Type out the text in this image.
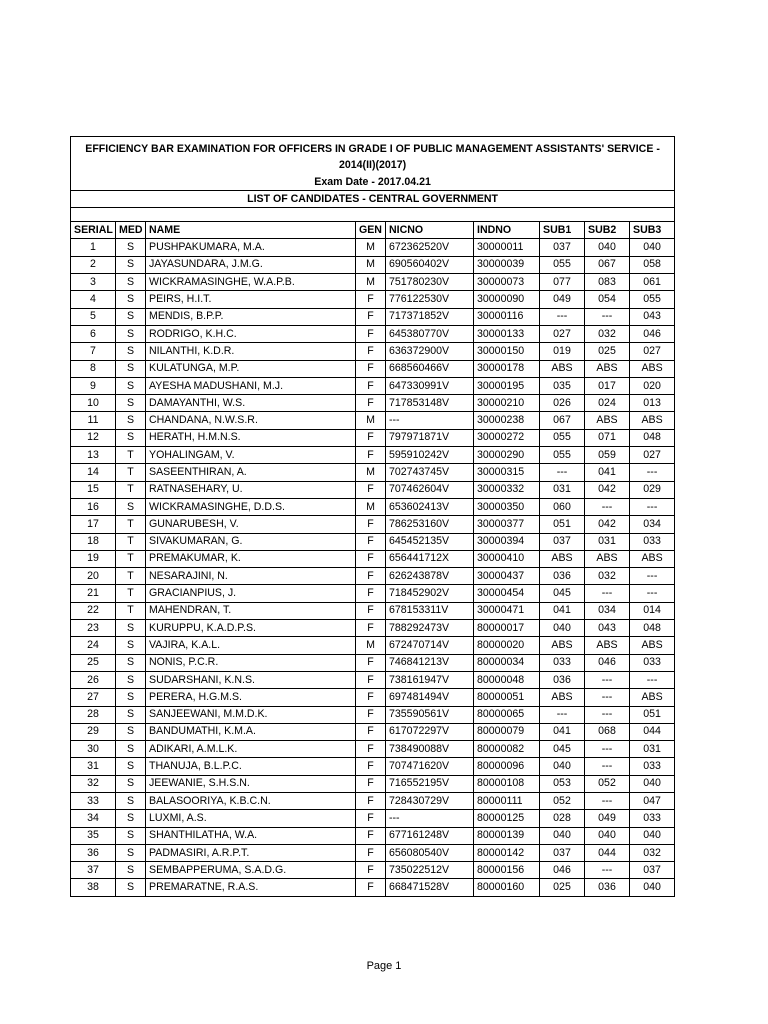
EFFICIENCY BAR EXAMINATION FOR OFFICERS IN GRADE I OF PUBLIC MANAGEMENT ASSISTANTS' SERVICE -								
2014(II)(2017)								
Exam Date - 2017.04.21								
LIST OF CANDIDATES - CENTRAL GOVERNMENT								

SERIAL	MED	NAME	GEN	NICNO	INDNO	SUB1	SUB2	SUB3
1	S	PUSHPAKUMARA, M.A.	M	672362520V	30000011	037	040	040
2	S	JAYASUNDARA, J.M.G.	M	690560402V	30000039	055	067	058
3	S	WICKRAMASINGHE, W.A.P.B.	M	751780230V	30000073	077	083	061
4	S	PEIRS, H.I.T.	F	776122530V	30000090	049	054	055
5	S	MENDIS, B.P.P.	F	717371852V	30000116	---	---	043
6	S	RODRIGO, K.H.C.	F	645380770V	30000133	027	032	046
7	S	NILANTHI, K.D.R.	F	636372900V	30000150	019	025	027
8	S	KULATUNGA, M.P.	F	668560466V	30000178	ABS	ABS	ABS
9	S	AYESHA MADUSHANI, M.J.	F	647330991V	30000195	035	017	020
10	S	DAMAYANTHI, W.S.	F	717853148V	30000210	026	024	013
11	S	CHANDANA, N.W.S.R.	M	---	30000238	067	ABS	ABS
12	S	HERATH, H.M.N.S.	F	797971871V	30000272	055	071	048
13	T	YOHALINGAM, V.	F	595910242V	30000290	055	059	027
14	T	SASEENTHIRAN, A.	M	702743745V	30000315	---	041	---
15	T	RATNASEHARY, U.	F	707462604V	30000332	031	042	029
16	S	WICKRAMASINGHE, D.D.S.	M	653602413V	30000350	060	---	---
17	T	GUNARUBESH, V.	F	786253160V	30000377	051	042	034
18	T	SIVAKUMARAN, G.	F	645452135V	30000394	037	031	033
19	T	PREMAKUMAR, K.	F	656441712X	30000410	ABS	ABS	ABS
20	T	NESARAJINI, N.	F	626243878V	30000437	036	032	---
21	T	GRACIANPIUS, J.	F	718452902V	30000454	045	---	---
22	T	MAHENDRAN, T.	F	678153311V	30000471	041	034	014
23	S	KURUPPU, K.A.D.P.S.	F	788292473V	80000017	040	043	048
24	S	VAJIRA, K.A.L.	M	672470714V	80000020	ABS	ABS	ABS
25	S	NONIS, P.C.R.	F	746841213V	80000034	033	046	033
26	S	SUDARSHANI, K.N.S.	F	738161947V	80000048	036	---	---
27	S	PERERA, H.G.M.S.	F	697481494V	80000051	ABS	---	ABS
28	S	SANJEEWANI, M.M.D.K.	F	735590561V	80000065	---	---	051
29	S	BANDUMATHI, K.M.A.	F	617072297V	80000079	041	068	044
30	S	ADIKARI, A.M.L.K.	F	738490088V	80000082	045	---	031
31	S	THANUJA, B.L.P.C.	F	707471620V	80000096	040	---	033
32	S	JEEWANIE, S.H.S.N.	F	716552195V	80000108	053	052	040
33	S	BALASOORIYA, K.B.C.N.	F	728430729V	80000111	052	---	047
34	S	LUXMI, A.S.	F	---	80000125	028	049	033
35	S	SHANTHILATHA, W.A.	F	677161248V	80000139	040	040	040
36	S	PADMASIRI, A.R.P.T.	F	656080540V	80000142	037	044	032
37	S	SEMBAPPERUMA, S.A.D.G.	F	735022512V	80000156	046	---	037
38	S	PREMARATNE, R.A.S.	F	668471528V	80000160	025	036	040
Page 1
